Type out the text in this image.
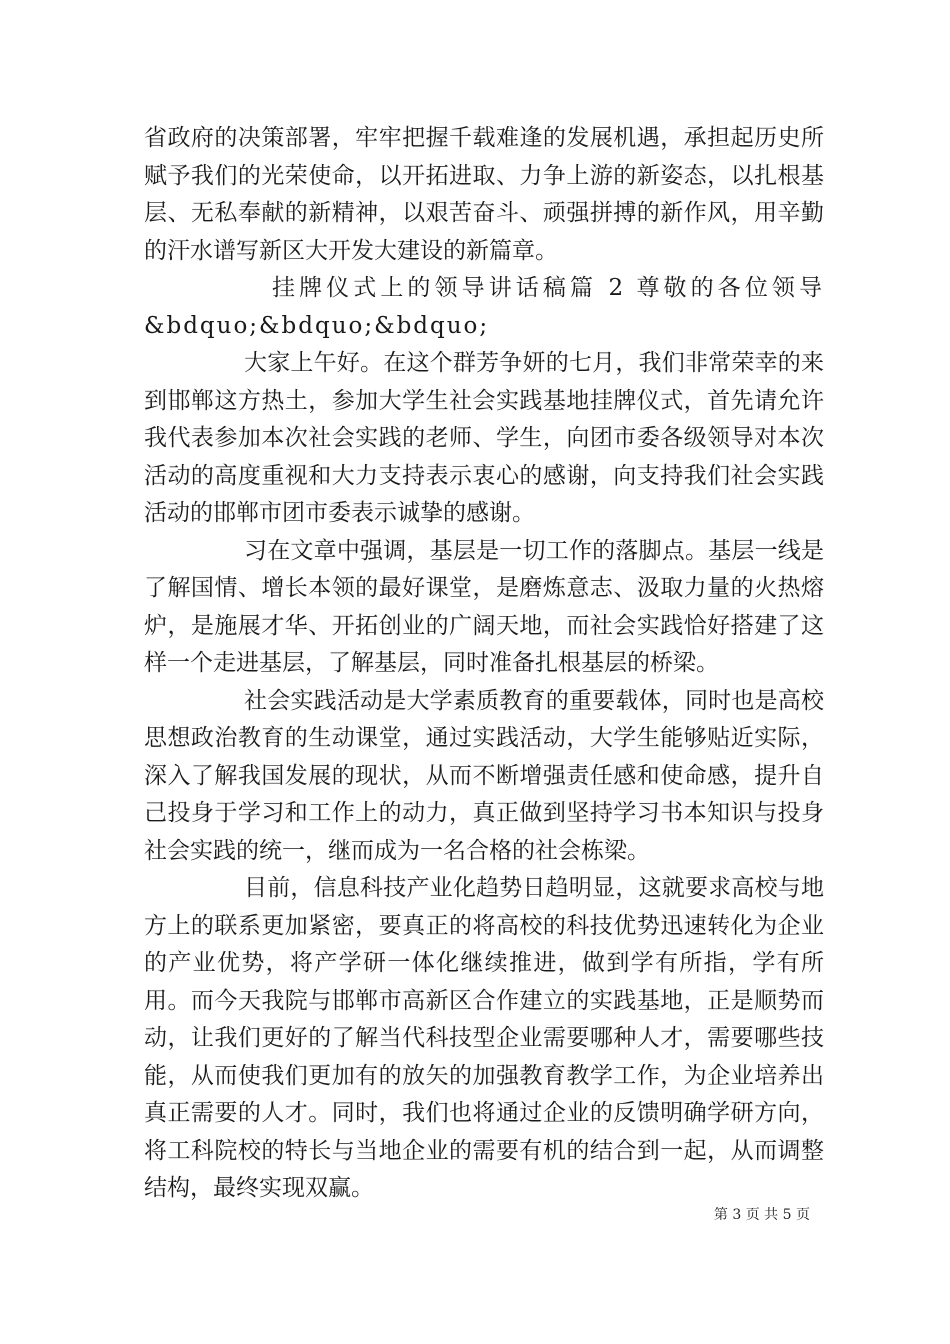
省政府的决策部署，牢牢把握千载难逢的发展机遇，承担起历史所赋予我们的光荣使命，以开拓进取、力争上游的新姿态，以扎根基层、无私奉献的新精神，以艰苦奋斗、顽强拼搏的新作风，用辛勤的汗水谱写新区大开发大建设的新篇章。

挂牌仪式上的领导讲话稿篇 2 尊敬的各位领导&bdquo;&bdquo;&bdquo;

大家上午好。在这个群芳争妍的七月，我们非常荣幸的来到邯郸这方热土，参加大学生社会实践基地挂牌仪式，首先请允许我代表参加本次社会实践的老师、学生，向团市委各级领导对本次活动的高度重视和大力支持表示衷心的感谢，向支持我们社会实践活动的邯郸市团市委表示诚挚的感谢。

习在文章中强调，基层是一切工作的落脚点。基层一线是了解国情、增长本领的最好课堂，是磨炼意志、汲取力量的火热熔炉，是施展才华、开拓创业的广阔天地，而社会实践恰好搭建了这样一个走进基层，了解基层，同时准备扎根基层的桥梁。

社会实践活动是大学素质教育的重要载体，同时也是高校思想政治教育的生动课堂，通过实践活动，大学生能够贴近实际，深入了解我国发展的现状，从而不断增强责任感和使命感，提升自己投身于学习和工作上的动力，真正做到坚持学习书本知识与投身社会实践的统一，继而成为一名合格的社会栋梁。

目前，信息科技产业化趋势日趋明显，这就要求高校与地方上的联系更加紧密，要真正的将高校的科技优势迅速转化为企业的产业优势，将产学研一体化继续推进，做到学有所指，学有所用。而今天我院与邯郸市高新区合作建立的实践基地，正是顺势而动，让我们更好的了解当代科技型企业需要哪种人才，需要哪些技能，从而使我们更加有的放矢的加强教育教学工作，为企业培养出真正需要的人才。同时，我们也将通过企业的反馈明确学研方向，将工科院校的特长与当地企业的需要有机的结合到一起，从而调整结构，最终实现双赢。

第 3 页 共 5 页
